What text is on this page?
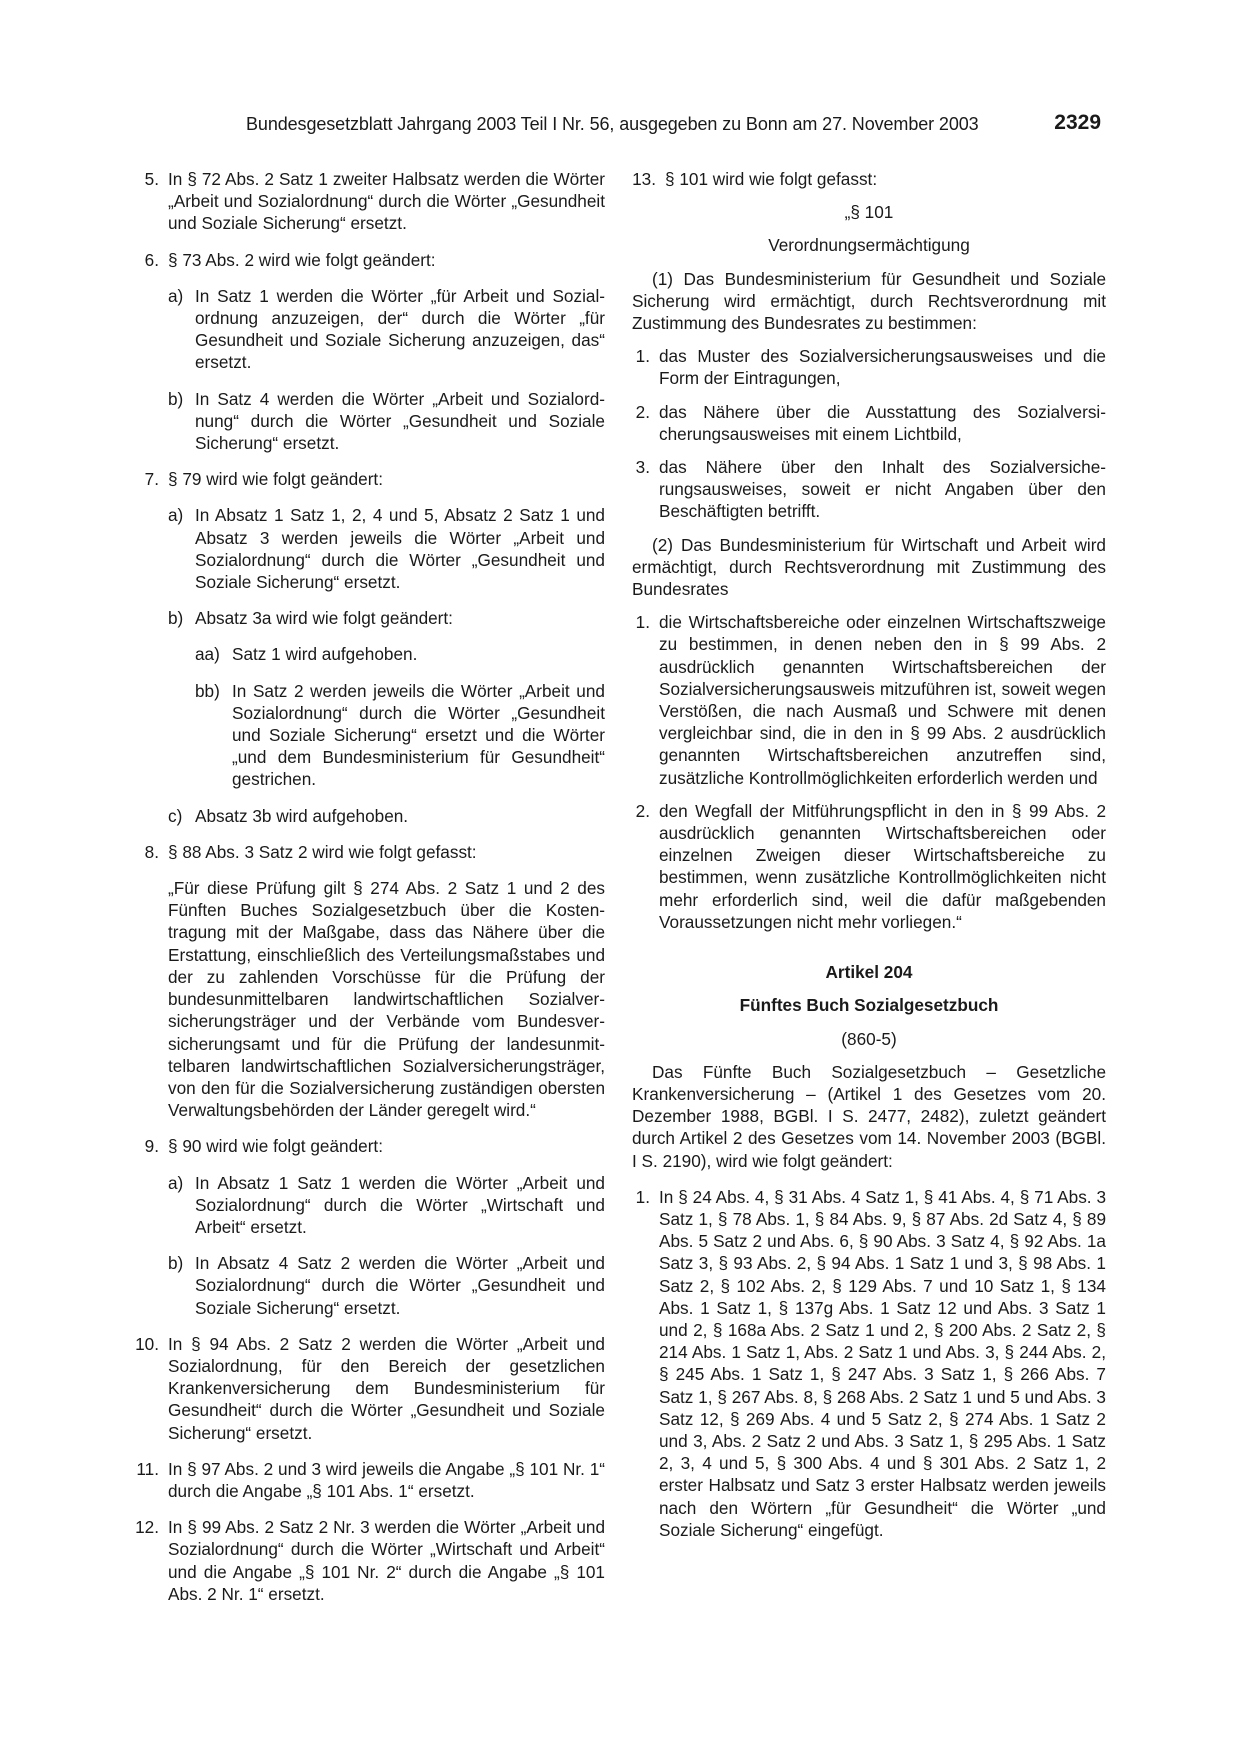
Bundesgesetzblatt Jahrgang 2003 Teil I Nr. 56, ausgegeben zu Bonn am 27. November 2003	2329
5. In § 72 Abs. 2 Satz 1 zweiter Halbsatz werden die Wörter „Arbeit und Sozialordnung“ durch die Wörter „Gesundheit und Soziale Sicherung“ ersetzt.
6. § 73 Abs. 2 wird wie folgt geändert:
a) In Satz 1 werden die Wörter „für Arbeit und Sozialordnung anzuzeigen, der“ durch die Wörter „für Gesundheit und Soziale Sicherung anzuzeigen, das“ ersetzt.
b) In Satz 4 werden die Wörter „Arbeit und Sozialordnung“ durch die Wörter „Gesundheit und Soziale Sicherung“ ersetzt.
7. § 79 wird wie folgt geändert:
a) In Absatz 1 Satz 1, 2, 4 und 5, Absatz 2 Satz 1 und Absatz 3 werden jeweils die Wörter „Arbeit und Sozialordnung“ durch die Wörter „Gesundheit und Soziale Sicherung“ ersetzt.
b) Absatz 3a wird wie folgt geändert:
aa) Satz 1 wird aufgehoben.
bb) In Satz 2 werden jeweils die Wörter „Arbeit und Sozialordnung“ durch die Wörter „Gesundheit und Soziale Sicherung“ ersetzt und die Wörter „und dem Bundesministerium für Gesundheit“ gestrichen.
c) Absatz 3b wird aufgehoben.
8. § 88 Abs. 3 Satz 2 wird wie folgt gefasst:
„Für diese Prüfung gilt § 274 Abs. 2 Satz 1 und 2 des Fünften Buches Sozialgesetzbuch über die Kostentragung mit der Maßgabe, dass das Nähere über die Erstattung, einschließlich des Verteilungsmaßstabes und der zu zahlenden Vorschüsse für die Prüfung der bundesunmittelbaren landwirtschaftlichen Sozialversicherungsträger und der Verbände vom Bundesversicherungsamt und für die Prüfung der landesunmittelbaren landwirtschaftlichen Sozialversicherungsträger, von den für die Sozialversicherung zuständigen obersten Verwaltungsbehörden der Länder geregelt wird.“
9. § 90 wird wie folgt geändert:
a) In Absatz 1 Satz 1 werden die Wörter „Arbeit und Sozialordnung“ durch die Wörter „Wirtschaft und Arbeit“ ersetzt.
b) In Absatz 4 Satz 2 werden die Wörter „Arbeit und Sozialordnung“ durch die Wörter „Gesundheit und Soziale Sicherung“ ersetzt.
10. In § 94 Abs. 2 Satz 2 werden die Wörter „Arbeit und Sozialordnung, für den Bereich der gesetzlichen Krankenversicherung dem Bundesministerium für Gesundheit“ durch die Wörter „Gesundheit und Soziale Sicherung“ ersetzt.
11. In § 97 Abs. 2 und 3 wird jeweils die Angabe „§ 101 Nr. 1“ durch die Angabe „§ 101 Abs. 1“ ersetzt.
12. In § 99 Abs. 2 Satz 2 Nr. 3 werden die Wörter „Arbeit und Sozialordnung“ durch die Wörter „Wirtschaft und Arbeit“ und die Angabe „§ 101 Nr. 2“ durch die Angabe „§ 101 Abs. 2 Nr. 1“ ersetzt.
13. § 101 wird wie folgt gefasst:
„§ 101
Verordnungsermächtigung
(1) Das Bundesministerium für Gesundheit und Soziale Sicherung wird ermächtigt, durch Rechtsverordnung mit Zustimmung des Bundesrates zu bestimmen:
1. das Muster des Sozialversicherungsausweises und die Form der Eintragungen,
2. das Nähere über die Ausstattung des Sozialversicherungsausweises mit einem Lichtbild,
3. das Nähere über den Inhalt des Sozialversicherungsausweises, soweit er nicht Angaben über den Beschäftigten betrifft.
(2) Das Bundesministerium für Wirtschaft und Arbeit wird ermächtigt, durch Rechtsverordnung mit Zustimmung des Bundesrates
1. die Wirtschaftsbereiche oder einzelnen Wirtschaftszweige zu bestimmen, in denen neben den in § 99 Abs. 2 ausdrücklich genannten Wirtschaftsbereichen der Sozialversicherungsausweis mitzuführen ist, soweit wegen Verstößen, die nach Ausmaß und Schwere mit denen vergleichbar sind, die in den in § 99 Abs. 2 ausdrücklich genannten Wirtschaftsbereichen anzutreffen sind, zusätzliche Kontrollmöglichkeiten erforderlich werden und
2. den Wegfall der Mitführungspflicht in den in § 99 Abs. 2 ausdrücklich genannten Wirtschaftsbereichen oder einzelnen Zweigen dieser Wirtschaftsbereiche zu bestimmen, wenn zusätzliche Kontrollmöglichkeiten nicht mehr erforderlich sind, weil die dafür maßgebenden Voraussetzungen nicht mehr vorliegen.“
Artikel 204
Fünftes Buch Sozialgesetzbuch
(860-5)
Das Fünfte Buch Sozialgesetzbuch – Gesetzliche Krankenversicherung – (Artikel 1 des Gesetzes vom 20. Dezember 1988, BGBl. I S. 2477, 2482), zuletzt geändert durch Artikel 2 des Gesetzes vom 14. November 2003 (BGBl. I S. 2190), wird wie folgt geändert:
1. In § 24 Abs. 4, § 31 Abs. 4 Satz 1, § 41 Abs. 4, § 71 Abs. 3 Satz 1, § 78 Abs. 1, § 84 Abs. 9, § 87 Abs. 2d Satz 4, § 89 Abs. 5 Satz 2 und Abs. 6, § 90 Abs. 3 Satz 4, § 92 Abs. 1a Satz 3, § 93 Abs. 2, § 94 Abs. 1 Satz 1 und 3, § 98 Abs. 1 Satz 2, § 102 Abs. 2, § 129 Abs. 7 und 10 Satz 1, § 134 Abs. 1 Satz 1, § 137g Abs. 1 Satz 12 und Abs. 3 Satz 1 und 2, § 168a Abs. 2 Satz 1 und 2, § 200 Abs. 2 Satz 2, § 214 Abs. 1 Satz 1, Abs. 2 Satz 1 und Abs. 3, § 244 Abs. 2, § 245 Abs. 1 Satz 1, § 247 Abs. 3 Satz 1, § 266 Abs. 7 Satz 1, § 267 Abs. 8, § 268 Abs. 2 Satz 1 und 5 und Abs. 3 Satz 12, § 269 Abs. 4 und 5 Satz 2, § 274 Abs. 1 Satz 2 und 3, Abs. 2 Satz 2 und Abs. 3 Satz 1, § 295 Abs. 1 Satz 2, 3, 4 und 5, § 300 Abs. 4 und § 301 Abs. 2 Satz 1, 2 erster Halbsatz und Satz 3 erster Halbsatz werden jeweils nach den Wörtern „für Gesundheit“ die Wörter „und Soziale Sicherung“ eingefügt.
